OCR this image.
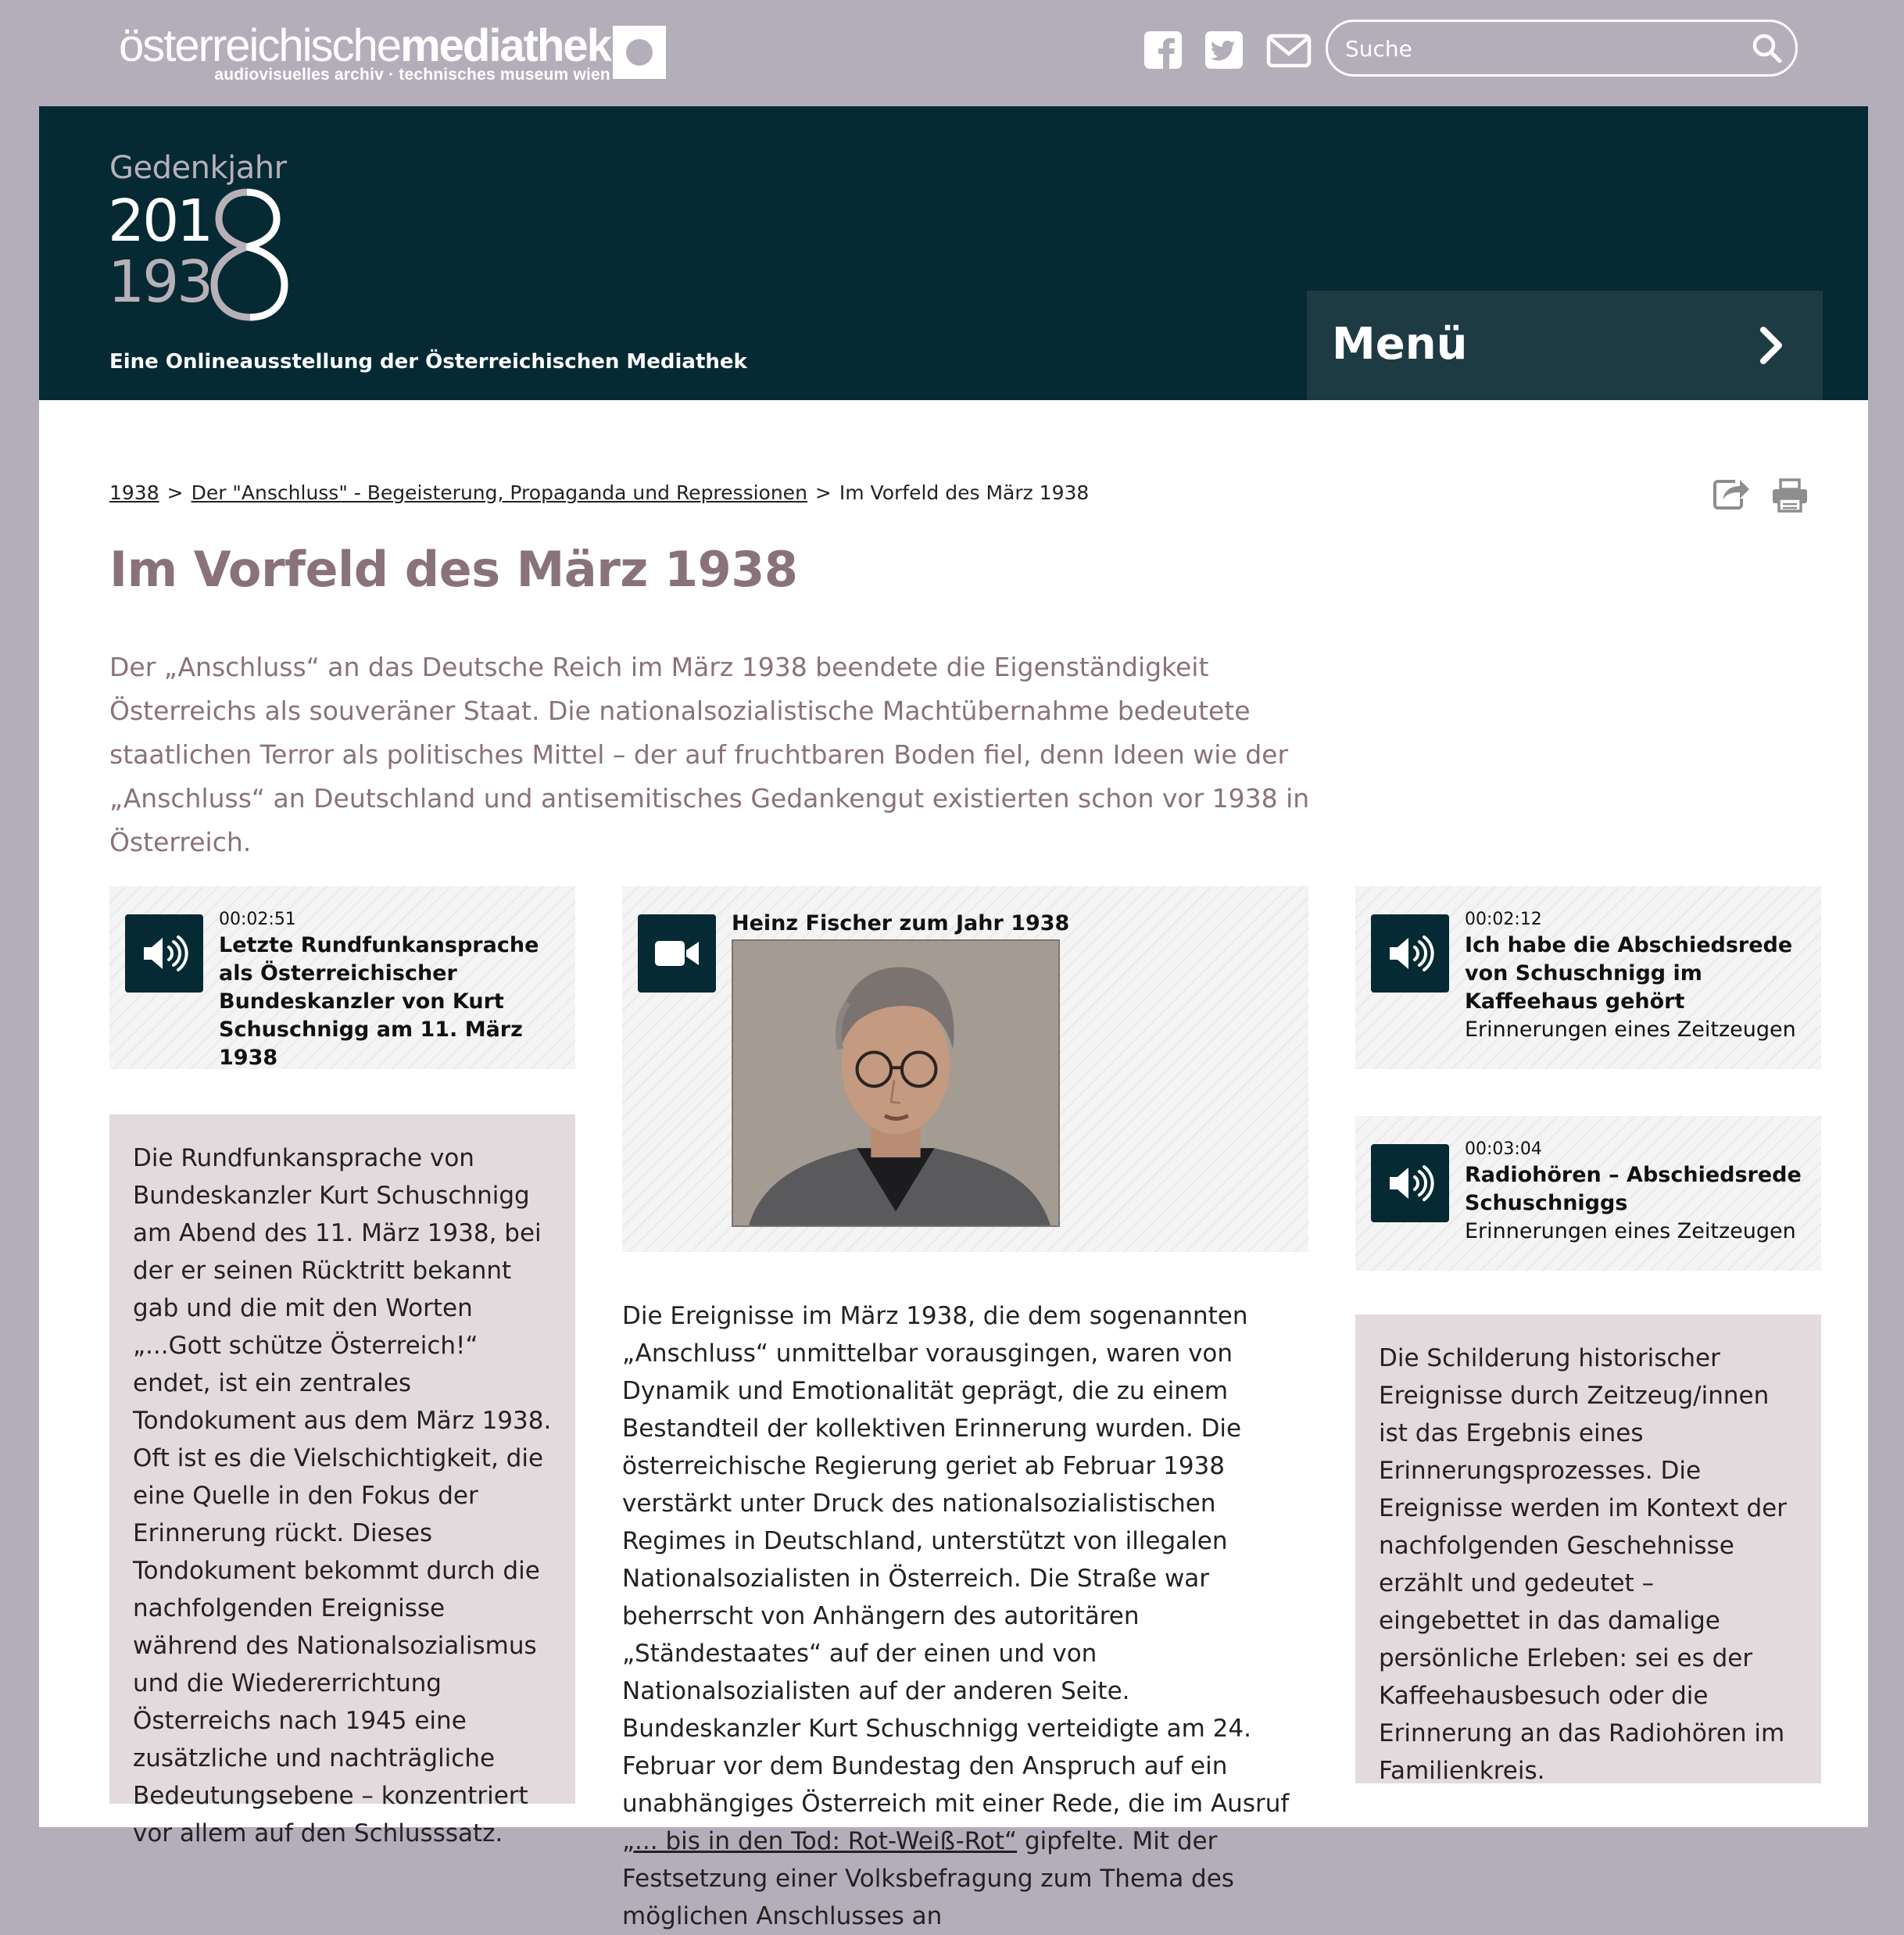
österreichischemediathek
audiovisuelles archiv · technisches museum wien
Suche
Gedenkjahr
201
193
Eine Onlineausstellung der Österreichischen Mediathek	Menü
1938 > Der "Anschluss" - Begeisterung, Propaganda und Repressionen > Im Vorfeld des März 1938
Im Vorfeld des März 1938

Der „Anschluss“ an das Deutsche Reich im März 1938 beendete die Eigenständigkeit Österreichs als souveräner Staat. Die nationalsozialistische Machtübernahme bedeutete staatlichen Terror als politisches Mittel – der auf fruchtbaren Boden fiel, denn Ideen wie der „Anschluss“ an Deutschland und antisemitisches Gedankengut existierten schon vor 1938 in Österreich.

00:02:51
Letzte Rundfunkansprache als Österreichischer Bundeskanzler von Kurt Schuschnigg am 11. März 1938
Heinz Fischer zum Jahr 1938	00:02:12
Ich habe die Abschiedsrede von Schuschnigg im Kaffeehaus gehört
Erinnerungen eines Zeitzeugen
00:03:04
Radiohören – Abschiedsrede Schuschniggs
Erinnerungen eines Zeitzeugen
Die Rundfunkansprache von Bundeskanzler Kurt Schuschnigg am Abend des 11. März 1938, bei der er seinen Rücktritt bekannt gab und die mit den Worten „...Gott schütze Österreich!“ endet, ist ein zentrales Tondokument aus dem März 1938. Oft ist es die Vielschichtigkeit, die eine Quelle in den Fokus der Erinnerung rückt. Dieses Tondokument bekommt durch die nachfolgenden Ereignisse während des Nationalsozialismus und die Wiedererrichtung Österreichs nach 1945 eine zusätzliche und nachträgliche Bedeutungsebene – konzentriert vor allem auf den Schlusssatz.
Die Schilderung historischer Ereignisse durch Zeitzeug/innen ist das Ergebnis eines Erinnerungsprozesses. Die Ereignisse werden im Kontext der nachfolgenden Geschehnisse erzählt und gedeutet – eingebettet in das damalige persönliche Erleben: sei es der Kaffeehausbesuch oder die Erinnerung an das Radiohören im Familienkreis.

Die Ereignisse im März 1938, die dem sogenannten „Anschluss“ unmittelbar vorausgingen, waren von Dynamik und Emotionalität geprägt, die zu einem Bestandteil der kollektiven Erinnerung wurden. Die österreichische Regierung geriet ab Februar 1938 verstärkt unter Druck des nationalsozialistischen Regimes in Deutschland, unterstützt von illegalen Nationalsozialisten in Österreich. Die Straße war beherrscht von Anhängern des autoritären „Ständestaates“ auf der einen und von Nationalsozialisten auf der anderen Seite. Bundeskanzler Kurt Schuschnigg verteidigte am 24. Februar vor dem Bundestag den Anspruch auf ein unabhängiges Österreich mit einer Rede, die im Ausruf „... bis in den Tod: Rot-Weiß-Rot“ gipfelte. Mit der Festsetzung einer Volksbefragung zum Thema des möglichen Anschlusses an
